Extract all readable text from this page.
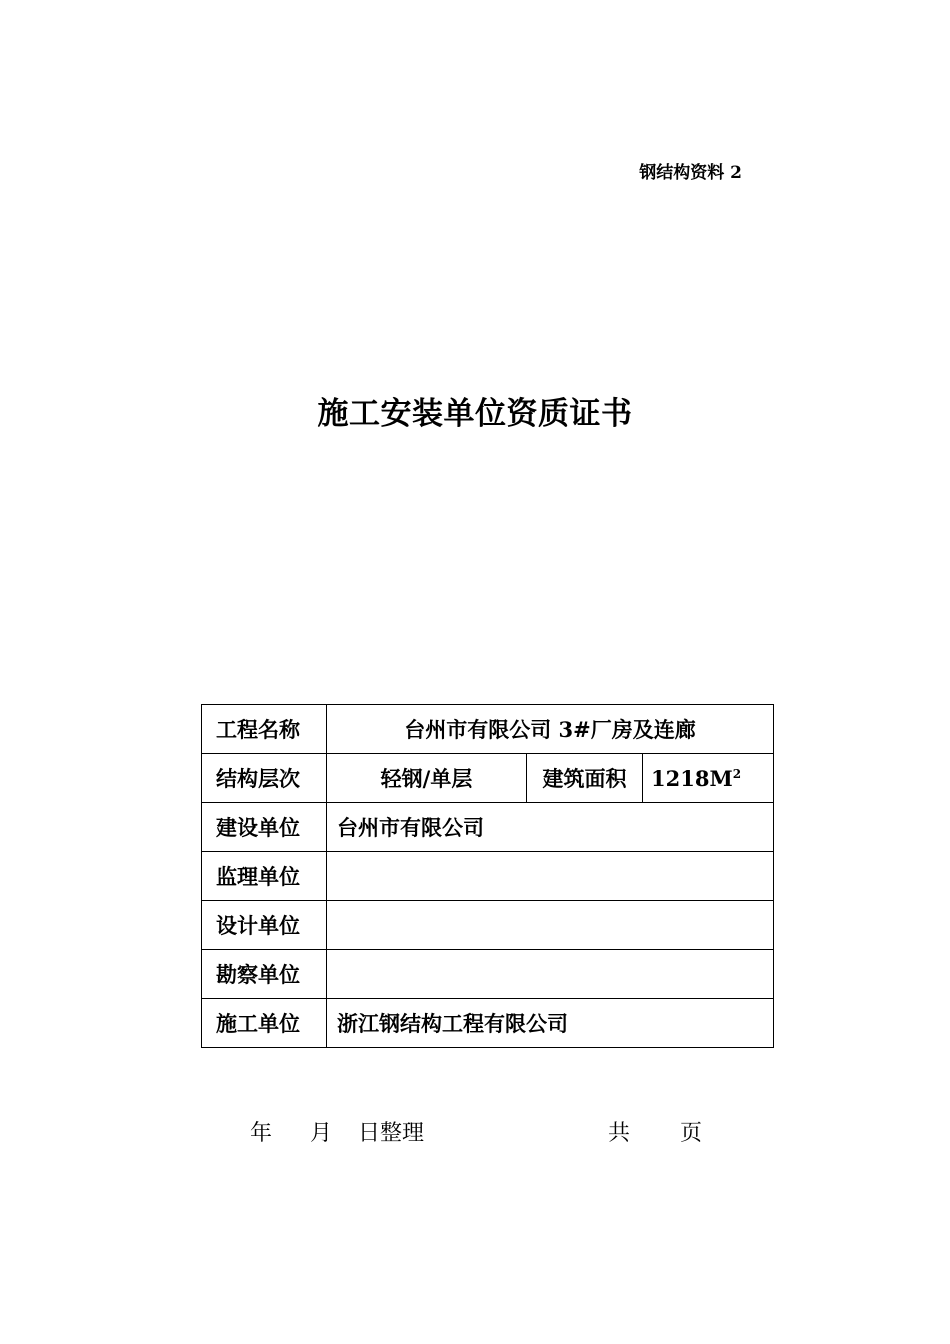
钢结构资料 2
施工安装单位资质证书
工程名称	台州市有限公司 3#厂房及连廊		
结构层次	轻钢/单层	建筑面积	$1218M^2$
建设单位	台州市有限公司		
监理单位			
设计单位			
勘察单位			
施工单位	浙江钢结构工程有限公司		
年 月 日整理	共 页
